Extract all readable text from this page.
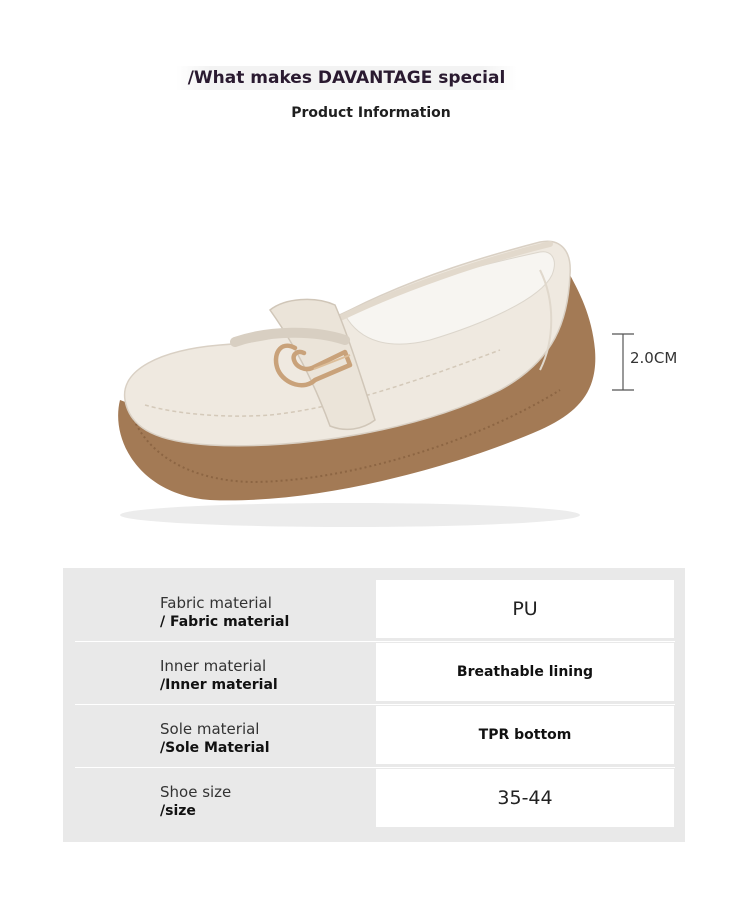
/What makes DAVANTAGE special
Product Information
2.0CM
Fabric material
/ Fabric material
PU
Inner material
/Inner material
Breathable lining
Sole material
/Sole Material
TPR bottom
Shoe size
/size
35-44
